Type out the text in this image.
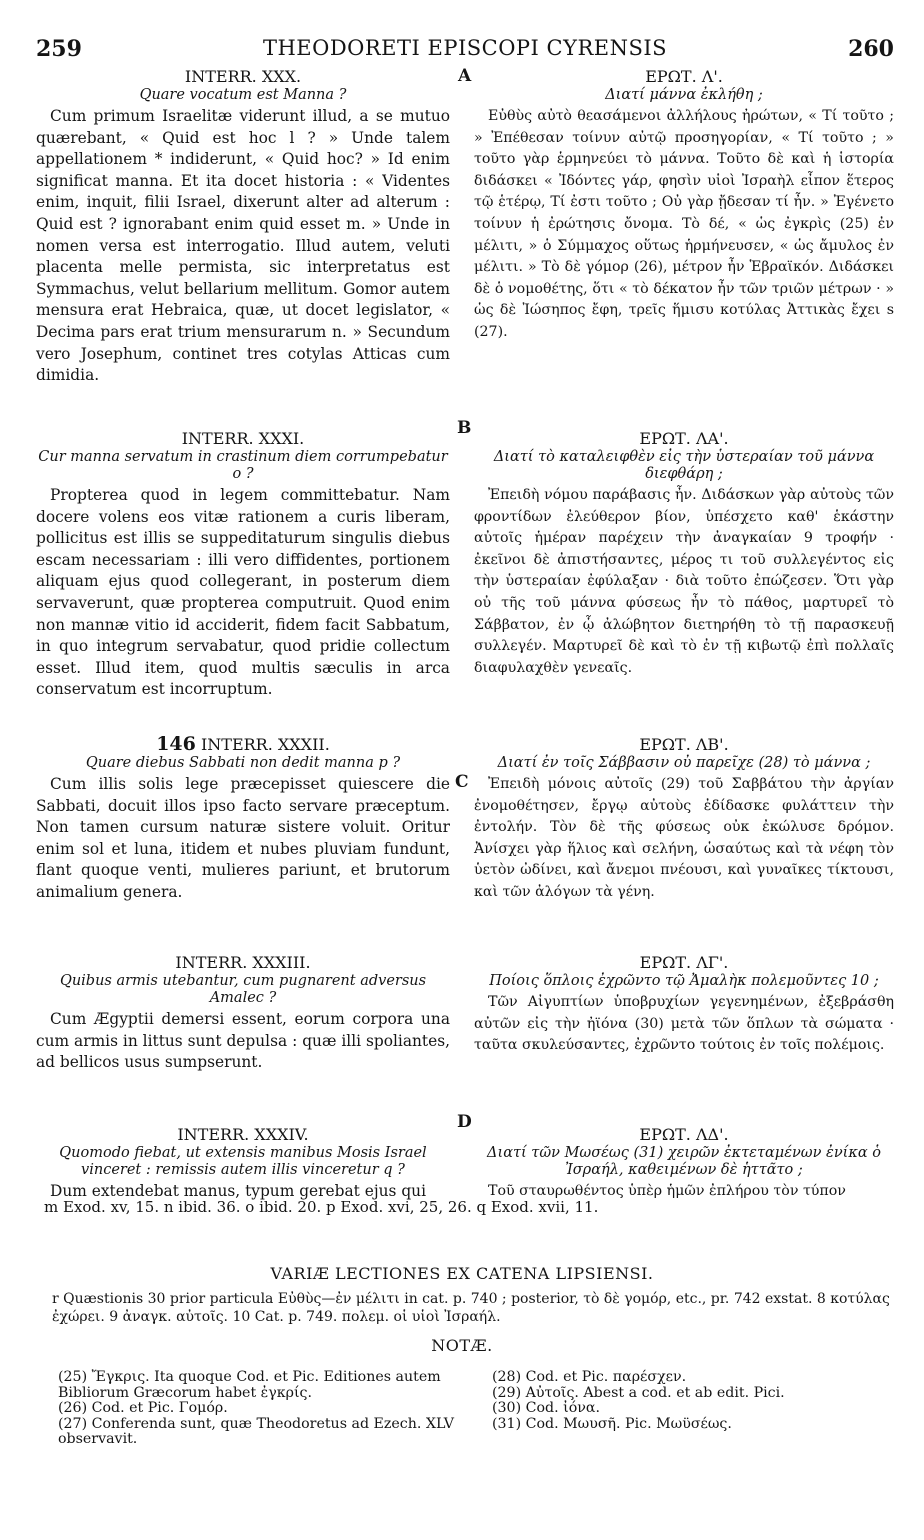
259	THEODORETI EPISCOPI CYRENSIS	260
A
B
C
D

INTERR. XXX.

Quare vocatum est Manna ?

Cum primum Israelitæ viderunt illud, a se mutuo quærebant, « Quid est hoc l ? » Unde talem appellationem * indiderunt, « Quid hoc? » Id enim significat manna. Et ita docet historia : « Videntes enim, inquit, filii Israel, dixerunt alter ad alterum : Quid est ? ignorabant enim quid esset m. » Unde in nomen versa est interrogatio. Illud autem, veluti placenta melle permista, sic interpretatus est Symmachus, velut bellarium mellitum. Gomor autem mensura erat Hebraica, quæ, ut docet legislator, « Decima pars erat trium mensurarum n. » Secundum vero Josephum, continet tres cotylas Atticas cum dimidia.

INTERR. XXXI.

Cur manna servatum in crastinum diem corrumpebatur o ?

Propterea quod in legem committebatur. Nam docere volens eos vitæ rationem a curis liberam, pollicitus est illis se suppeditaturum singulis diebus escam necessariam : illi vero diffidentes, portionem aliquam ejus quod collegerant, in posterum diem servaverunt, quæ propterea computruit. Quod enim non mannæ vitio id acciderit, fidem facit Sabbatum, in quo integrum servabatur, quod pridie collectum esset. Illud item, quod multis sæculis in arca conservatum est incorruptum.

146 INTERR. XXXII.

Quare diebus Sabbati non dedit manna p ?

Cum illis solis lege præcepisset quiescere die Sabbati, docuit illos ipso facto servare præceptum. Non tamen cursum naturæ sistere voluit. Oritur enim sol et luna, itidem et nubes pluviam fundunt, flant quoque venti, mulieres pariunt, et brutorum animalium genera.

INTERR. XXXIII.

Quibus armis utebantur, cum pugnarent adversus Amalec ?

Cum Ægyptii demersi essent, eorum corpora una cum armis in littus sunt depulsa : quæ illi spoliantes, ad bellicos usus sumpserunt.

INTERR. XXXIV.

Quomodo fiebat, ut extensis manibus Mosis Israel vinceret : remissis autem illis vinceretur q ?

Dum extendebat manus, typum gerebat ejus qui

ΕΡΩΤ. Λ'.

Διατί μάννα ἐκλήθη ;

Εὐθὺς αὐτὸ θεασάμενοι ἀλλήλους ἠρώτων, « Τί τοῦτο ; » Ἐπέθεσαν τοίνυν αὐτῷ προσηγορίαν, « Τί τοῦτο ; » τοῦτο γὰρ ἑρμηνεύει τὸ μάννα. Τοῦτο δὲ καὶ ἡ ἱστορία διδάσκει « Ἰδόντες γάρ, φησὶν υἱοὶ Ἰσραὴλ εἶπον ἕτερος τῷ ἑτέρῳ, Τί ἐστι τοῦτο ; Οὐ γὰρ ᾔδεσαν τί ἦν. » Ἐγένετο τοίνυν ἡ ἐρώτησις ὄνομα. Τὸ δέ, « ὡς ἐγκρὶς (25) ἐν μέλιτι, » ὁ Σύμμαχος οὕτως ἡρμήνευσεν, « ὡς ἄμυλος ἐν μέλιτι. » Τὸ δὲ γόμορ (26), μέτρον ἦν Ἑβραϊκόν. Διδάσκει δὲ ὁ νομοθέτης, ὅτι « τὸ δέκατον ἦν τῶν τριῶν μέτρων · » ὡς δὲ Ἰώσηπος ἔφη, τρεῖς ἥμισυ κοτύλας Ἀττικὰς ἔχει s (27).

ΕΡΩΤ. ΛΑ'.

Διατί τὸ καταλειφθὲν εἰς τὴν ὑστεραίαν τοῦ μάννα διεφθάρη ;

Ἐπειδὴ νόμου παράβασις ἦν. Διδάσκων γὰρ αὐτοὺς τῶν φροντίδων ἐλεύθερον βίον, ὑπέσχετο καθ' ἑκάστην αὐτοῖς ἡμέραν παρέχειν τὴν ἀναγκαίαν 9 τροφήν · ἐκεῖνοι δὲ ἀπιστήσαντες, μέρος τι τοῦ συλλεγέντος εἰς τὴν ὑστεραίαν ἐφύλαξαν · διὰ τοῦτο ἐπώζεσεν. Ὅτι γὰρ οὐ τῆς τοῦ μάννα φύσεως ἦν τὸ πάθος, μαρτυρεῖ τὸ Σάββατον, ἐν ᾧ ἀλώβητον διετηρήθη τὸ τῇ παρασκευῇ συλλεγέν. Μαρτυρεῖ δὲ καὶ τὸ ἐν τῇ κιβωτῷ ἐπὶ πολλαῖς διαφυλαχθὲν γενεαῖς.

ΕΡΩΤ. ΛΒ'.

Διατί ἐν τοῖς Σάββασιν οὐ παρεῖχε (28) τὸ μάννα ;

Ἐπειδὴ μόνοις αὐτοῖς (29) τοῦ Σαββάτου τὴν ἀργίαν ἐνομοθέτησεν, ἔργῳ αὐτοὺς ἐδίδασκε φυλάττειν τὴν ἐντολήν. Τὸν δὲ τῆς φύσεως οὐκ ἐκώλυσε δρόμον. Ἀνίσχει γὰρ ἥλιος καὶ σελήνη, ὡσαύτως καὶ τὰ νέφη τὸν ὑετὸν ὠδίνει, καὶ ἄνεμοι πνέουσι, καὶ γυναῖκες τίκτουσι, καὶ τῶν ἀλόγων τὰ γένη.

ΕΡΩΤ. ΛΓ'.

Ποίοις ὅπλοις ἐχρῶντο τῷ Ἀμαλὴκ πολεμοῦντες 10 ;

Τῶν Αἰγυπτίων ὑποβρυχίων γεγενημένων, ἐξεβράσθη αὐτῶν εἰς τὴν ἠϊόνα (30) μετὰ τῶν ὅπλων τὰ σώματα · ταῦτα σκυλεύσαντες, ἐχρῶντο τούτοις ἐν τοῖς πολέμοις.

ΕΡΩΤ. ΛΔ'.

Διατί τῶν Μωσέως (31) χειρῶν ἐκτεταμένων ἐνίκα ὁ Ἰσραήλ, καθειμένων δὲ ἡττᾶτο ;

Τοῦ σταυρωθέντος ὑπὲρ ἡμῶν ἐπλήρου τὸν τύπον

m Exod. xv, 15. n ibid. 36. o ibid. 20. p Exod. xvi, 25, 26. q Exod. xvii, 11.
VARIÆ LECTIONES EX CATENA LIPSIENSI.
r Quæstionis 30 prior particula Εὐθὺς—ἐν μέλιτι in cat. p. 740 ; posterior, τὸ δὲ γομόρ, etc., pr. 742 exstat. 8 κοτύλας ἐχώρει. 9 ἀναγκ. αὐτοῖς. 10 Cat. p. 749. πολεμ. οἱ υἱοὶ Ἰσραήλ.
NOTÆ.

(25) Ἔγκρις. Ita quoque Cod. et Pic. Editiones autem Bibliorum Græcorum habet ἐγκρίς.

(26) Cod. et Pic. Γομόρ.

(27) Conferenda sunt, quæ Theodoretus ad Ezech. XLV observavit.

(28) Cod. et Pic. παρέσχεν.

(29) Αὐτοῖς. Abest a cod. et ab edit. Pici.

(30) Cod. ἰόνα.

(31) Cod. Μωυσῆ. Pic. Μωϋσέως.
